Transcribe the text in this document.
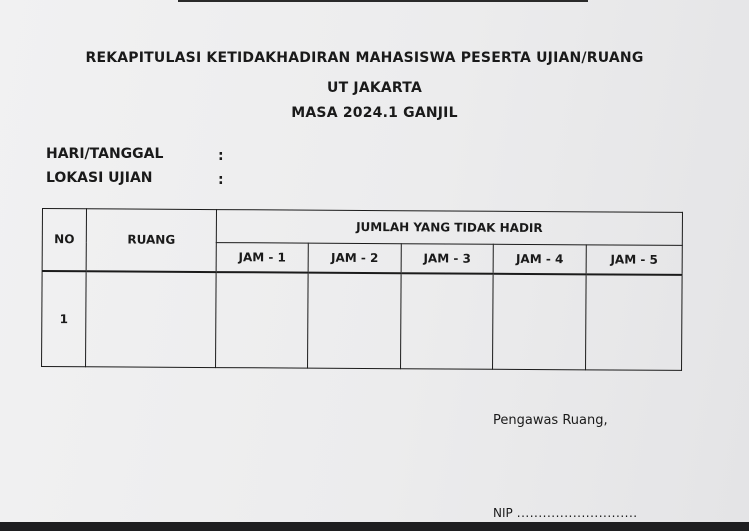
REKAPITULASI KETIDAKHADIRAN MAHASISWA PESERTA UJIAN/RUANG
UT JAKARTA
MASA 2024.1 GANJIL
HARI/TANGGAL	:
LOKASI UJIAN	:
NO	RUANG	JUMLAH YANG TIDAK HADIR				
		JAM - 1	JAM - 2	JAM - 3	JAM - 4	JAM - 5
1						
Pengawas Ruang,
NIP ............................
